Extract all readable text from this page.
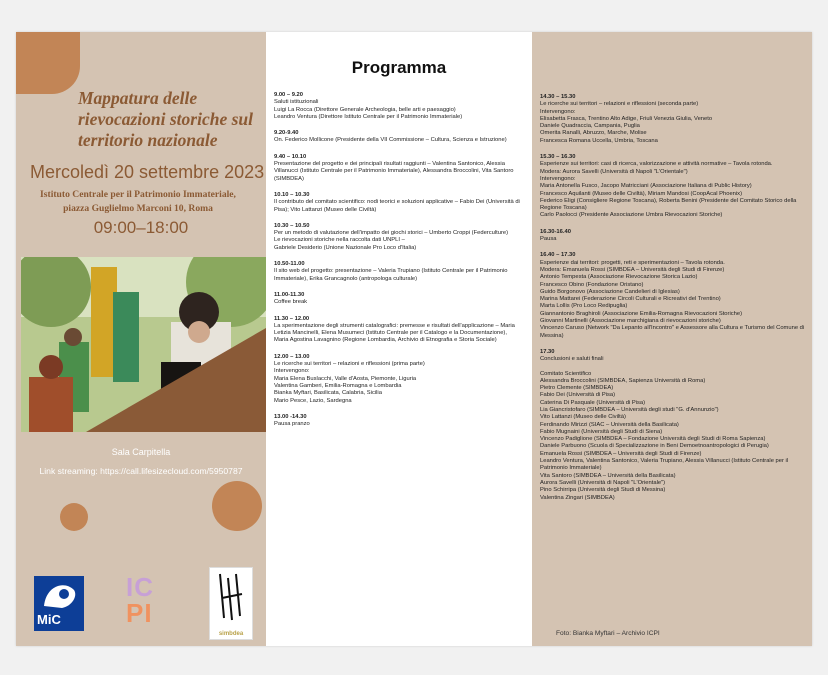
Mappatura delle rievocazioni storiche sul territorio nazionale
Mercoledì 20 settembre 2023
Istituto Centrale per il Patrimonio Immateriale,
piazza Guglielmo Marconi 10, Roma
09:00–18:00
Sala Carpitella
Link streaming: https://call.lifesizecloud.com/5950787
MiC
IC
PI
simbdea
Programma
9.00 – 9.20
Saluti istituzionali
Luigi La Rocca (Direttore Generale Archeologia, belle arti e paesaggio)
Leandro Ventura (Direttore Istituto Centrale per il Patrimonio Immateriale)
9.20-9.40
On. Federico Mollicone (Presidente della VII Commissione – Cultura, Scienza e Istruzione)
9.40 – 10.10
Presentazione del progetto e dei principali risultati raggiunti – Valentina Santonico, Alessia Villanucci (Istituto Centrale per il Patrimonio Immateriale), Alessandra Broccolini, Vita Santoro (SIMBDEA)
10.10 – 10.30
Il contributo del comitato scientifico: nodi teorici e soluzioni applicative – Fabio Dei (Università di Pisa); Vito Lattanzi (Museo delle Civiltà)
10.30 – 10.50
Per un metodo di valutazione dell'impatto dei giochi storici – Umberto Croppi (Federculture)
Le rievocazioni storiche nella raccolta dati UNPLI –
Gabriele Desiderio (Unione Nazionale Pro Loco d'Italia)
10.50-11.00
Il sito web del progetto: presentazione – Valeria Trupiano (Istituto Centrale per il Patrimonio Immateriale), Erika Grancagnolo (antropologa culturale)
11.00-11.30
Coffee break
11.30 – 12.00
La sperimentazione degli strumenti catalografici: premesse e risultati dell'applicazione – Maria Letizia Mancinelli, Elena Musumeci (Istituto Centrale per il Catalogo e la Documentazione),
Maria Agostina Lavagnino (Regione Lombardia, Archivio di Etnografia e Storia Sociale)
12.00 – 13.00
Le ricerche sui territori – relazioni e riflessioni (prima parte)
Intervengono:
Maria Elena Buslacchi, Valle d'Aosta, Piemonte, Liguria
Valentina Gamberi, Emilia-Romagna e Lombardia
Bianka Myftari, Basilicata, Calabria, Sicilia
Mario Pesce, Lazio, Sardegna
13.00 -14.30
Pausa pranzo
14.30 – 15.30
Le ricerche sui territori – relazioni e riflessioni (seconda parte)
Intervengono:
Elisabetta Frasca, Trentino Alto Adige, Friuli Venezia Giulia, Veneto
Daniele Quadraccia, Campania, Puglia
Omerita Ranalli, Abruzzo, Marche, Molise
Francesca Romana Uccella, Umbria, Toscana
15.30 – 16.30
Esperienze sui territori: casi di ricerca, valorizzazione e attività normative – Tavola rotonda.
Modera: Aurora Savelli (Università di Napoli "L'Orientale")
Intervengono:
Maria Antonella Fusco, Jacopo Matricciani (Associazione Italiana di Public History)
Francesco Aquilanti (Museo delle Civiltà), Miriam Mandosi (CoopAcal Phoenix)
Federico Eligi (Consigliere Regione Toscana), Roberta Benini (Presidente del Comitato Storico della Regione Toscana)
Carlo Paolocci (Presidente Associazione Umbra Rievocazioni Storiche)
16.30-16.40
Pausa
16.40 – 17.30
Esperienze dai territori: progetti, reti e sperimentazioni – Tavola rotonda.
Modera: Emanuela Rossi (SIMBDEA – Università degli Studi di Firenze)
Antonio Tempesta (Associazione Rievocazione Storica Lazio)
Francesco Obino (Fondazione Oristano)
Guido Borgonovo (Associazione Candelieri di Iglesias)
Marina Mattarei (Federazione Circoli Culturali e Ricreativi del Trentino)
Marta Lollis (Pro Loco Redipuglia)
Giannantonio Braghiroli (Associazione Emilia-Romagna Rievocazioni Storiche)
Giovanni Martinelli (Associazione marchigiana di rievocazioni storiche)
Vincenzo Caruso (Network "Da Lepanto all'Incontro" e Assessore alla Cultura e Turismo del Comune di Messina)
17.30
Conclusioni e saluti finali
Comitato Scientifico
Alessandra Broccolini (SIMBDEA, Sapienza Università di Roma)
Pietro Clemente (SIMBDEA)
Fabio Dei (Università di Pisa)
Caterina Di Pasquale (Università di Pisa)
Lia Giancristofaro (SIMBDEA – Università degli studi "G. d'Annunzio")
Vito Lattanzi (Museo delle Civiltà)
Ferdinando Mirizzi (SIAC – Università della Basilicata)
Fabio Mugnaini (Università degli Studi di Siena)
Vincenzo Padiglione (SIMBDEA – Fondazione Università degli Studi di Roma Sapienza)
Daniele Parbuono (Scuola di Specializzazione in Beni Demoetnoantropologici di Perugia)
Emanuela Rossi (SIMBDEA – Università degli Studi di Firenze)
Leandro Ventura, Valentina Santonico, Valeria Trupiano, Alessia Villanucci (Istituto Centrale per il Patrimonio Immateriale)
Vita Santoro (SIMBDEA – Università della Basilicata)
Aurora Savelli (Università di Napoli "L'Orientale")
Pino Schirripa (Università degli Studi di Messina)
Valentina Zingari (SIMBDEA)
Foto: Bianka Myftari – Archivio ICPI
